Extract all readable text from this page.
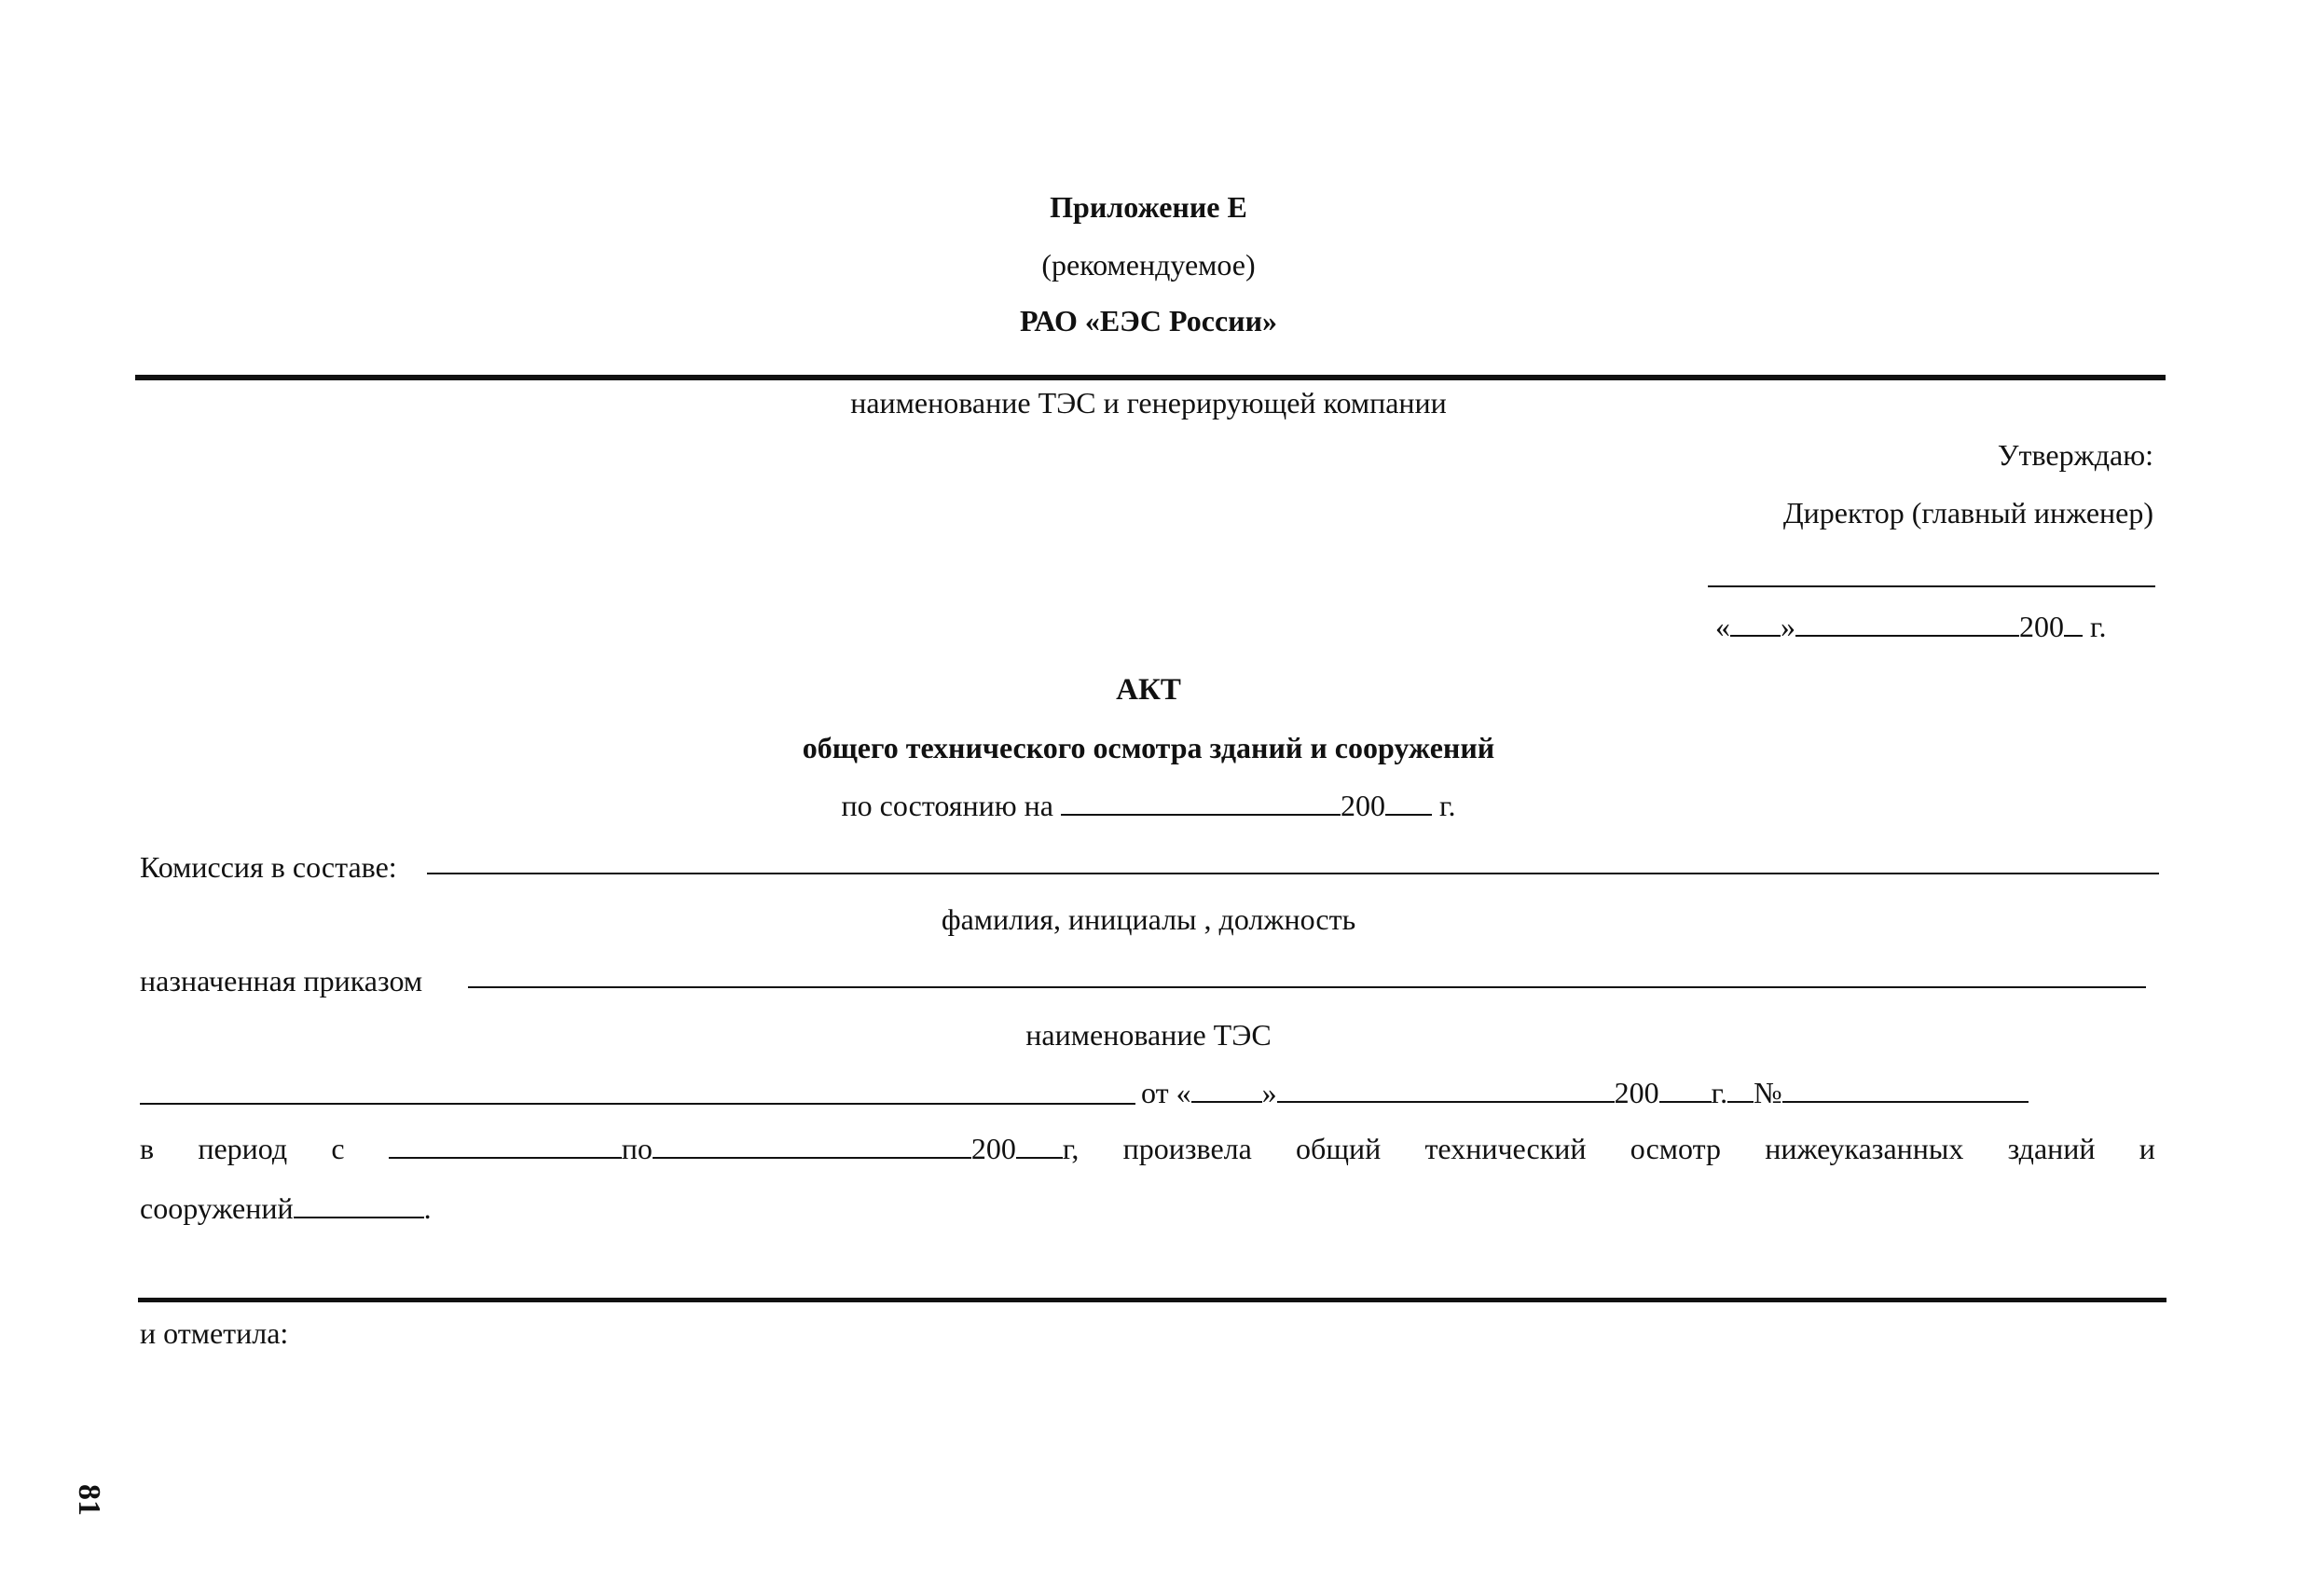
Приложение Е
(рекомендуемое)
РАО «ЕЭС России»
наименование ТЭС и генерирующей компании
Утверждаю:
Директор (главный инженер)
« »	200 г.
АКТ
общего технического осмотра зданий и сооружений
по состоянию на	200 г.
Комиссия в составе:
фамилия, инициалы , должность
назначенная приказом
наименование ТЭС
от « »	200 г. №
в период с	по	200 г, произвела общий технический осмотр нижеуказанных зданий и
сооружений	.
и отметила:
81
